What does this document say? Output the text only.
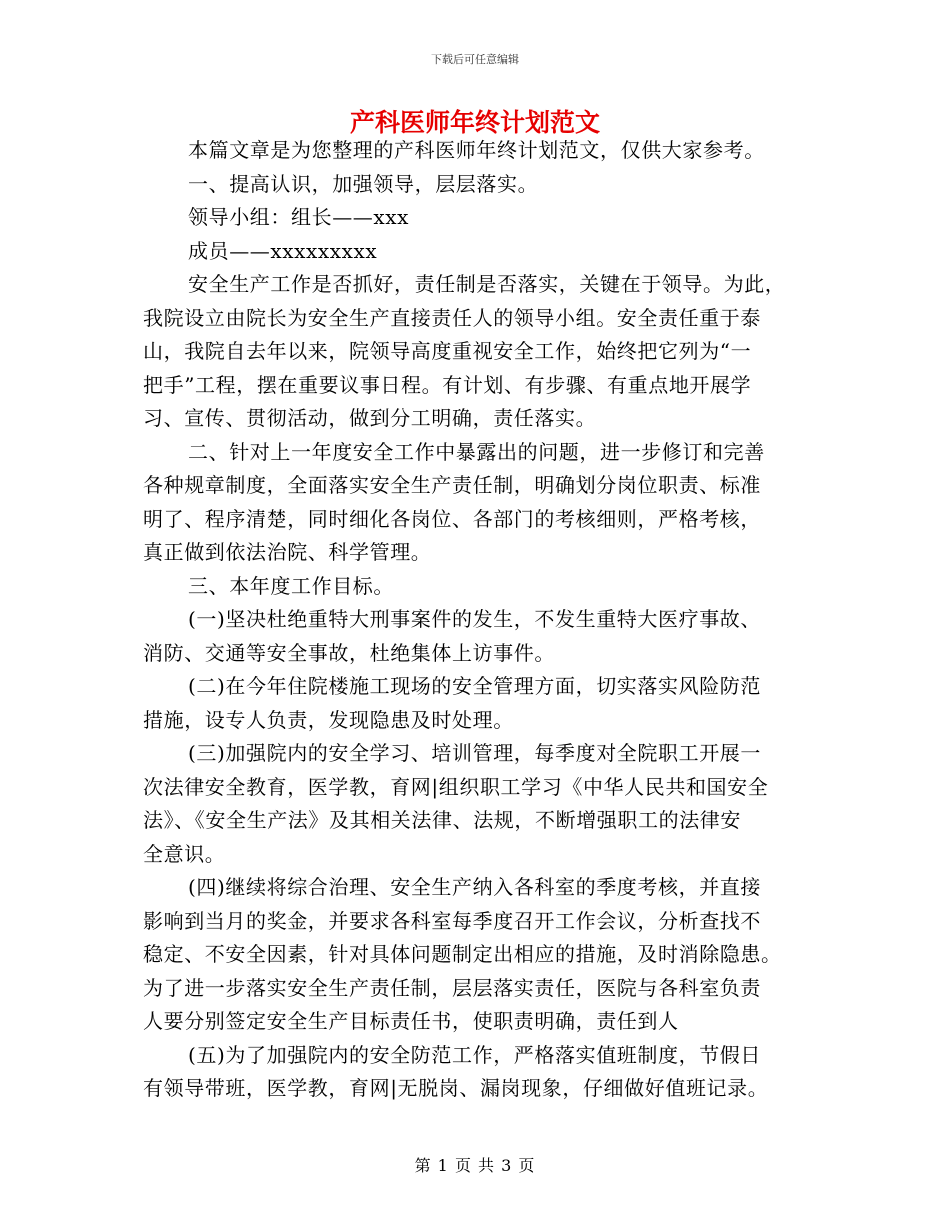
下载后可任意编辑
产科医师年终计划范文
本篇文章是为您整理的产科医师年终计划范文，仅供大家参考。
一、提高认识，加强领导，层层落实。
领导小组：组长——xxx
成员——xxxxxxxxx
安全生产工作是否抓好，责任制是否落实，关键在于领导。为此，
我院设立由院长为安全生产直接责任人的领导小组。安全责任重于泰
山，我院自去年以来，院领导高度重视安全工作，始终把它列为“一
把手”工程，摆在重要议事日程。有计划、有步骤、有重点地开展学
习、宣传、贯彻活动，做到分工明确，责任落实。
二、针对上一年度安全工作中暴露出的问题，进一步修订和完善
各种规章制度，全面落实安全生产责任制，明确划分岗位职责、标准
明了、程序清楚，同时细化各岗位、各部门的考核细则，严格考核，
真正做到依法治院、科学管理。
三、本年度工作目标。
(一)坚决杜绝重特大刑事案件的发生，不发生重特大医疗事故、
消防、交通等安全事故，杜绝集体上访事件。
(二)在今年住院楼施工现场的安全管理方面，切实落实风险防范
措施，设专人负责，发现隐患及时处理。
(三)加强院内的安全学习、培训管理，每季度对全院职工开展一
次法律安全教育，医学教，育网|组织职工学习《中华人民共和国安全
法》、《安全生产法》及其相关法律、法规，不断增强职工的法律安
全意识。
(四)继续将综合治理、安全生产纳入各科室的季度考核，并直接
影响到当月的奖金，并要求各科室每季度召开工作会议，分析查找不
稳定、不安全因素，针对具体问题制定出相应的措施，及时消除隐患。
为了进一步落实安全生产责任制，层层落实责任，医院与各科室负责
人要分别签定安全生产目标责任书，使职责明确，责任到人
(五)为了加强院内的安全防范工作，严格落实值班制度，节假日
有领导带班，医学教，育网|无脱岗、漏岗现象，仔细做好值班记录。
第 1 页 共 3 页
